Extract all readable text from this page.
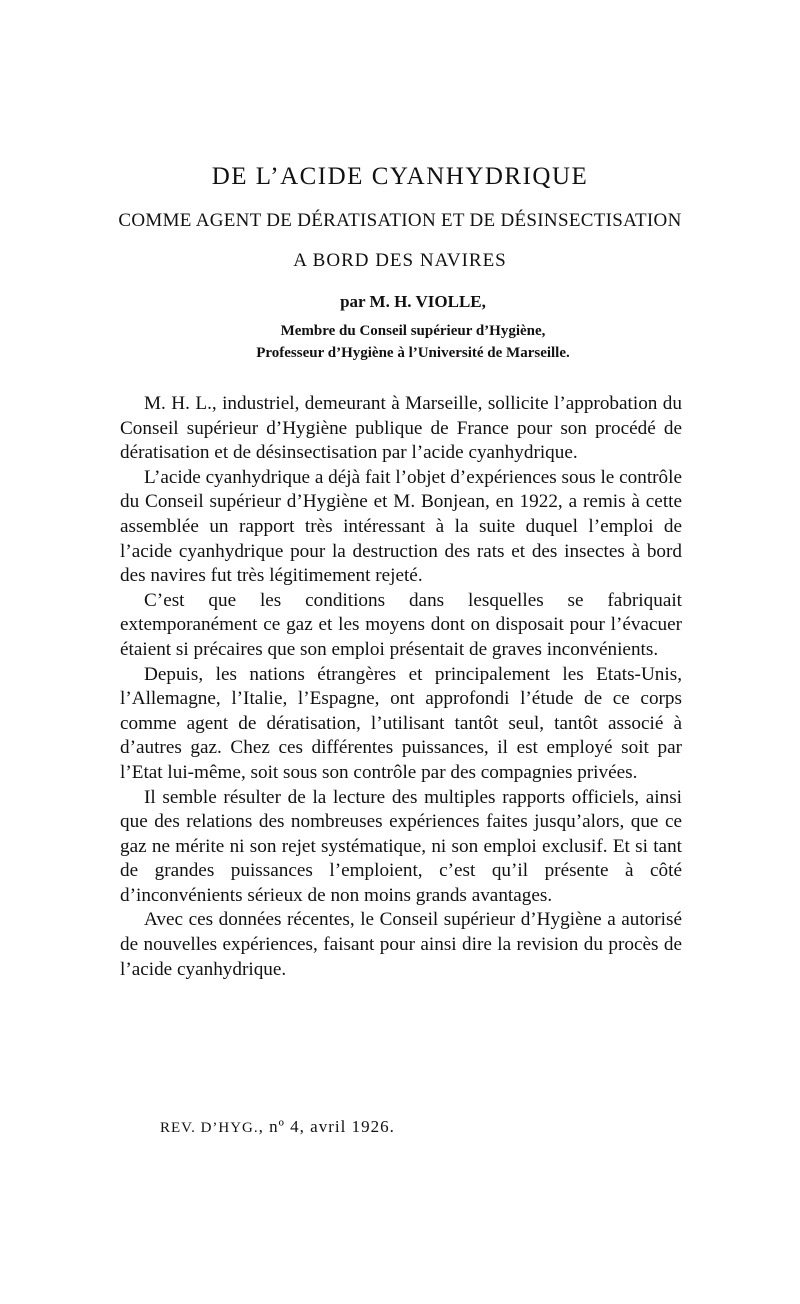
DE L’ACIDE CYANHYDRIQUE
COMME AGENT DE DÉRATISATION ET DE DÉSINSECTISATION
A BORD DES NAVIRES
par M. H. VIOLLE,
Membre du Conseil supérieur d’Hygiène,
Professeur d’Hygiène à l’Université de Marseille.

M. H. L., industriel, demeurant à Marseille, sollicite l’approbation du Conseil supérieur d’Hygiène publique de France pour son procédé de dératisation et de désinsectisation par l’acide cyanhydrique.

L’acide cyanhydrique a déjà fait l’objet d’expériences sous le contrôle du Conseil supérieur d’Hygiène et M. Bonjean, en 1922, a remis à cette assemblée un rapport très intéressant à la suite duquel l’emploi de l’acide cyanhydrique pour la destruction des rats et des insectes à bord des navires fut très légitimement rejeté.

C’est que les conditions dans lesquelles se fabriquait extemporanément ce gaz et les moyens dont on disposait pour l’évacuer étaient si précaires que son emploi présentait de graves inconvénients.

Depuis, les nations étrangères et principalement les Etats-Unis, l’Allemagne, l’Italie, l’Espagne, ont approfondi l’étude de ce corps comme agent de dératisation, l’utilisant tantôt seul, tantôt associé à d’autres gaz. Chez ces différentes puissances, il est employé soit par l’Etat lui-même, soit sous son contrôle par des compagnies privées.

Il semble résulter de la lecture des multiples rapports officiels, ainsi que des relations des nombreuses expériences faites jusqu’alors, que ce gaz ne mérite ni son rejet systématique, ni son emploi exclusif. Et si tant de grandes puissances l’emploient, c’est qu’il présente à côté d’inconvénients sérieux de non moins grands avantages.

Avec ces données récentes, le Conseil supérieur d’Hygiène a autorisé de nouvelles expériences, faisant pour ainsi dire la revision du procès de l’acide cyanhydrique.

REV. D’HYG., nº 4, avril 1926.
